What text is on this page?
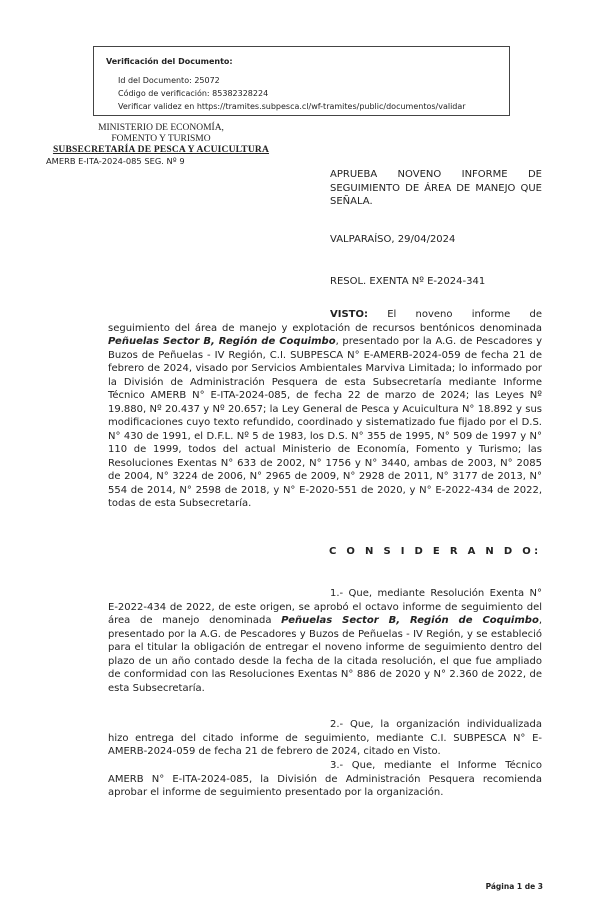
Verificación del Documento:
▸ Id del Documento: 25072
▸ Código de verificación: 85382328224
▸ Verificar validez en https://tramites.subpesca.cl/wf-tramites/public/documentos/validar
MINISTERIO DE ECONOMÍA,
FOMENTO Y TURISMO
SUBSECRETARÍA DE PESCA Y ACUICULTURA
AMERB E-ITA-2024-085 SEG. Nº 9
APRUEBA NOVENO INFORME DE SEGUIMIENTO DE ÁREA DE MANEJO QUE SEÑALA.
VALPARAÍSO, 29/04/2024
RESOL. EXENTA Nº E-2024-341

VISTO: El noveno informe de seguimiento del área de manejo y explotación de recursos bentónicos denominada Peñuelas Sector B, Región de Coquimbo, presentado por la A.G. de Pescadores y Buzos de Peñuelas - IV Región, C.I. SUBPESCA N° E-AMERB-2024-059 de fecha 21 de febrero de 2024, visado por Servicios Ambientales Marviva Limitada; lo informado por la División de Administración Pesquera de esta Subsecretaría mediante Informe Técnico AMERB N° E-ITA-2024-085, de fecha 22 de marzo de 2024; las Leyes Nº 19.880, Nº 20.437 y Nº 20.657; la Ley General de Pesca y Acuicultura N° 18.892 y sus modificaciones cuyo texto refundido, coordinado y sistematizado fue fijado por el D.S. N° 430 de 1991, el D.F.L. Nº 5 de 1983, los D.S. N° 355 de 1995, N° 509 de 1997 y N° 110 de 1999, todos del actual Ministerio de Economía, Fomento y Turismo; las Resoluciones Exentas N° 633 de 2002, N° 1756 y N° 3440, ambas de 2003, N° 2085 de 2004, N° 3224 de 2006, N° 2965 de 2009, N° 2928 de 2011, N° 3177 de 2013, N° 554 de 2014, N° 2598 de 2018, y N° E-2020-551 de 2020, y N° E-2022-434 de 2022, todas de esta Subsecretaría.

C O N S I D E R A N D O:

1.- Que, mediante Resolución Exenta N° E-2022-434 de 2022, de este origen, se aprobó el octavo informe de seguimiento del área de manejo denominada Peñuelas Sector B, Región de Coquimbo, presentado por la A.G. de Pescadores y Buzos de Peñuelas - IV Región, y se estableció para el titular la obligación de entregar el noveno informe de seguimiento dentro del plazo de un año contado desde la fecha de la citada resolución, el que fue ampliado de conformidad con las Resoluciones Exentas N° 886 de 2020 y N° 2.360 de 2022, de esta Subsecretaría.

2.- Que, la organización individualizada hizo entrega del citado informe de seguimiento, mediante C.I. SUBPESCA N° E-AMERB-2024-059 de fecha 21 de febrero de 2024, citado en Visto.

3.- Que, mediante el Informe Técnico AMERB N° E-ITA-2024-085, la División de Administración Pesquera recomienda aprobar el informe de seguimiento presentado por la organización.

Página 1 de 3
